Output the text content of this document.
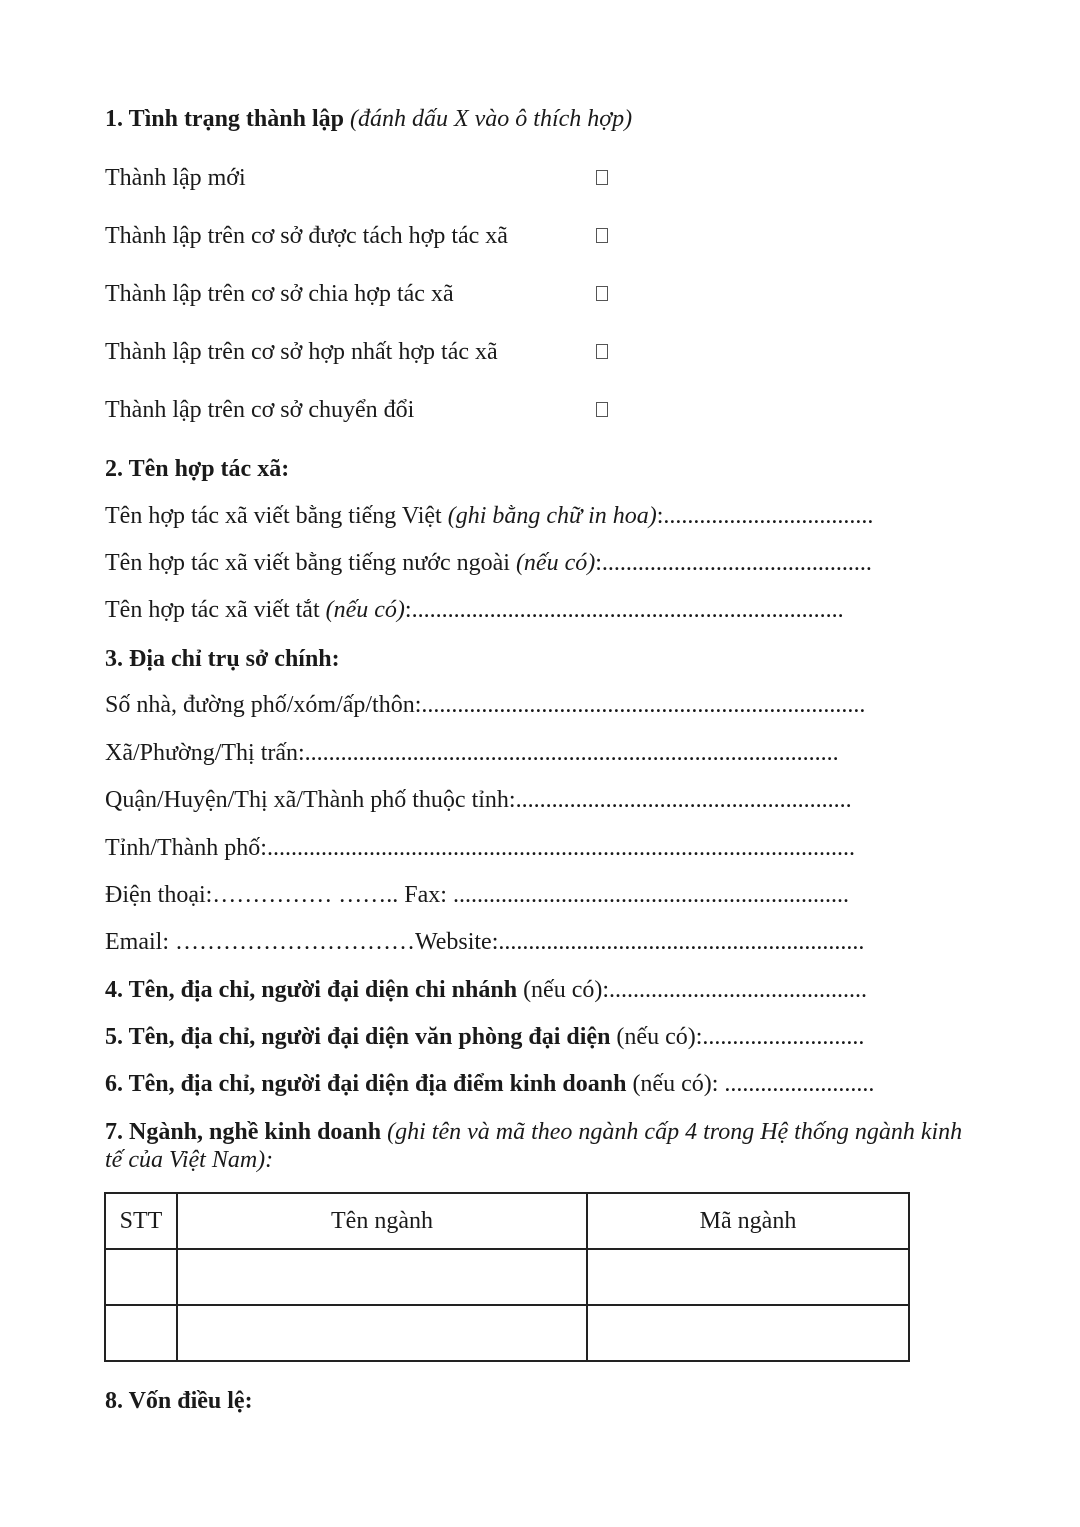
1. Tình trạng thành lập (đánh dấu X vào ô thích hợp)
Thành lập mới
Thành lập trên cơ sở được tách hợp tác xã
Thành lập trên cơ sở chia hợp tác xã
Thành lập trên cơ sở hợp nhất hợp tác xã
Thành lập trên cơ sở chuyển đổi
2. Tên hợp tác xã:
Tên hợp tác xã viết bằng tiếng Việt (ghi bằng chữ in hoa):...................................
Tên hợp tác xã viết bằng tiếng nước ngoài (nếu có):.............................................
Tên hợp tác xã viết tắt (nếu có):........................................................................
3. Địa chỉ trụ sở chính:
Số nhà, đường phố/xóm/ấp/thôn:..........................................................................
Xã/Phường/Thị trấn:.........................................................................................
Quận/Huyện/Thị xã/Thành phố thuộc tỉnh:........................................................
Tỉnh/Thành phố:..................................................................................................
Điện thoại:…………… …….. Fax: ..................................................................
Email: …………………………Website:.............................................................
4. Tên, địa chỉ, người đại diện chi nhánh (nếu có):...........................................
5. Tên, địa chỉ, người đại diện văn phòng đại diện (nếu có):...........................
6. Tên, địa chỉ, người đại diện địa điểm kinh doanh (nếu có): .........................
7. Ngành, nghề kinh doanh (ghi tên và mã theo ngành cấp 4 trong Hệ thống ngành kinh tế của Việt Nam):
STT	Tên ngành	Mã ngành

8. Vốn điều lệ:
